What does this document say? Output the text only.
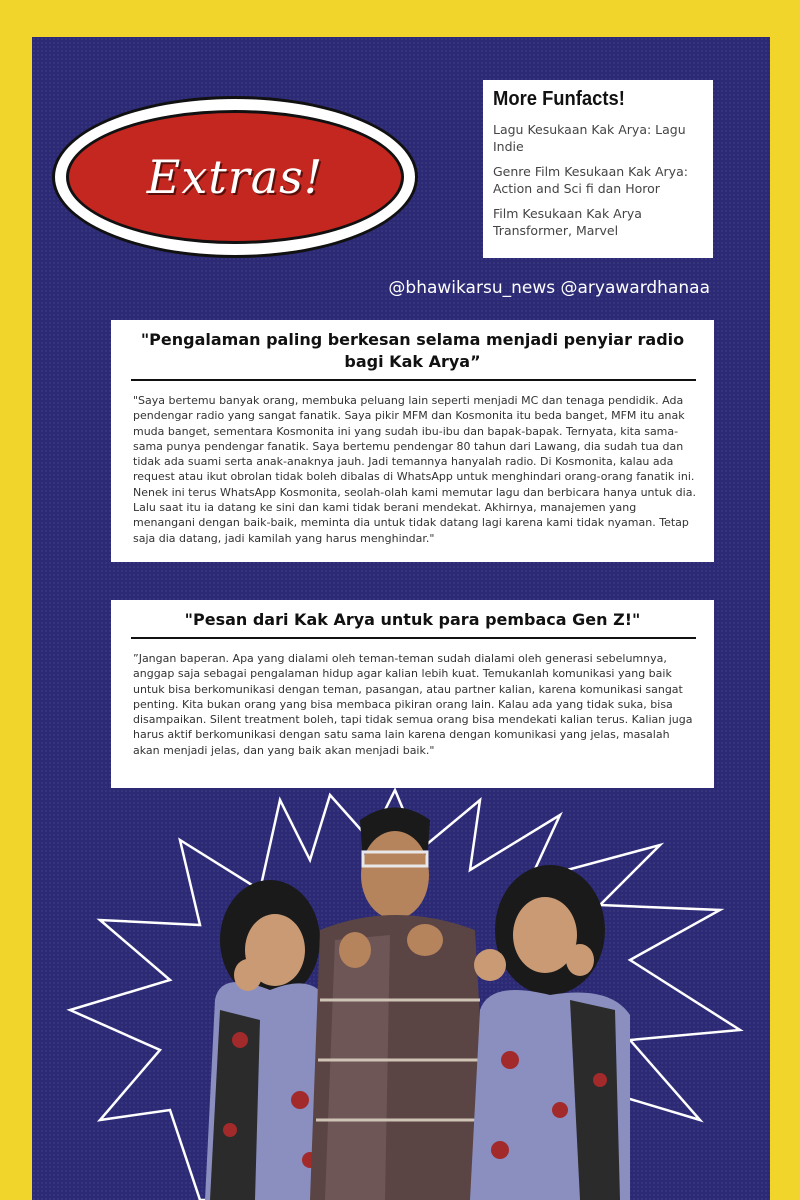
Extras!
More Funfacts!

Lagu Kesukaan Kak Arya: Lagu Indie

Genre Film Kesukaan Kak Arya: Action and Sci fi dan Horor

Film Kesukaan Kak Arya Transformer, Marvel

@bhawikarsu_news @aryawardhanaa

"Pengalaman paling berkesan selama menjadi penyiar radio bagi Kak Arya”

"Saya bertemu banyak orang, membuka peluang lain seperti menjadi MC dan tenaga pendidik. Ada pendengar radio yang sangat fanatik. Saya pikir MFM dan Kosmonita itu beda banget, MFM itu anak muda banget, sementara Kosmonita ini yang sudah ibu-ibu dan bapak-bapak. Ternyata, kita sama-sama punya pendengar fanatik. Saya bertemu pendengar 80 tahun dari Lawang, dia sudah tua dan tidak ada suami serta anak-anaknya jauh. Jadi temannya hanyalah radio. Di Kosmonita, kalau ada request atau ikut obrolan tidak boleh dibalas di WhatsApp untuk menghindari orang-orang fanatik ini. Nenek ini terus WhatsApp Kosmonita, seolah-olah kami memutar lagu dan berbicara hanya untuk dia. Lalu saat itu ia datang ke sini dan kami tidak berani mendekat. Akhirnya, manajemen yang menangani dengan baik-baik, meminta dia untuk tidak datang lagi karena kami tidak nyaman. Tetap saja dia datang, jadi kamilah yang harus menghindar."

"Pesan dari Kak Arya untuk para pembaca Gen Z!"

”Jangan baperan. Apa yang dialami oleh teman-teman sudah dialami oleh generasi sebelumnya, anggap saja sebagai pengalaman hidup agar kalian lebih kuat. Temukanlah komunikasi yang baik untuk bisa berkomunikasi dengan teman, pasangan, atau partner kalian, karena komunikasi sangat penting. Kita bukan orang yang bisa membaca pikiran orang lain. Kalau ada yang tidak suka, bisa disampaikan. Silent treatment boleh, tapi tidak semua orang bisa mendekati kalian terus. Kalian juga harus aktif berkomunikasi dengan satu sama lain karena dengan komunikasi yang jelas, masalah akan menjadi jelas, dan yang baik akan menjadi baik."
